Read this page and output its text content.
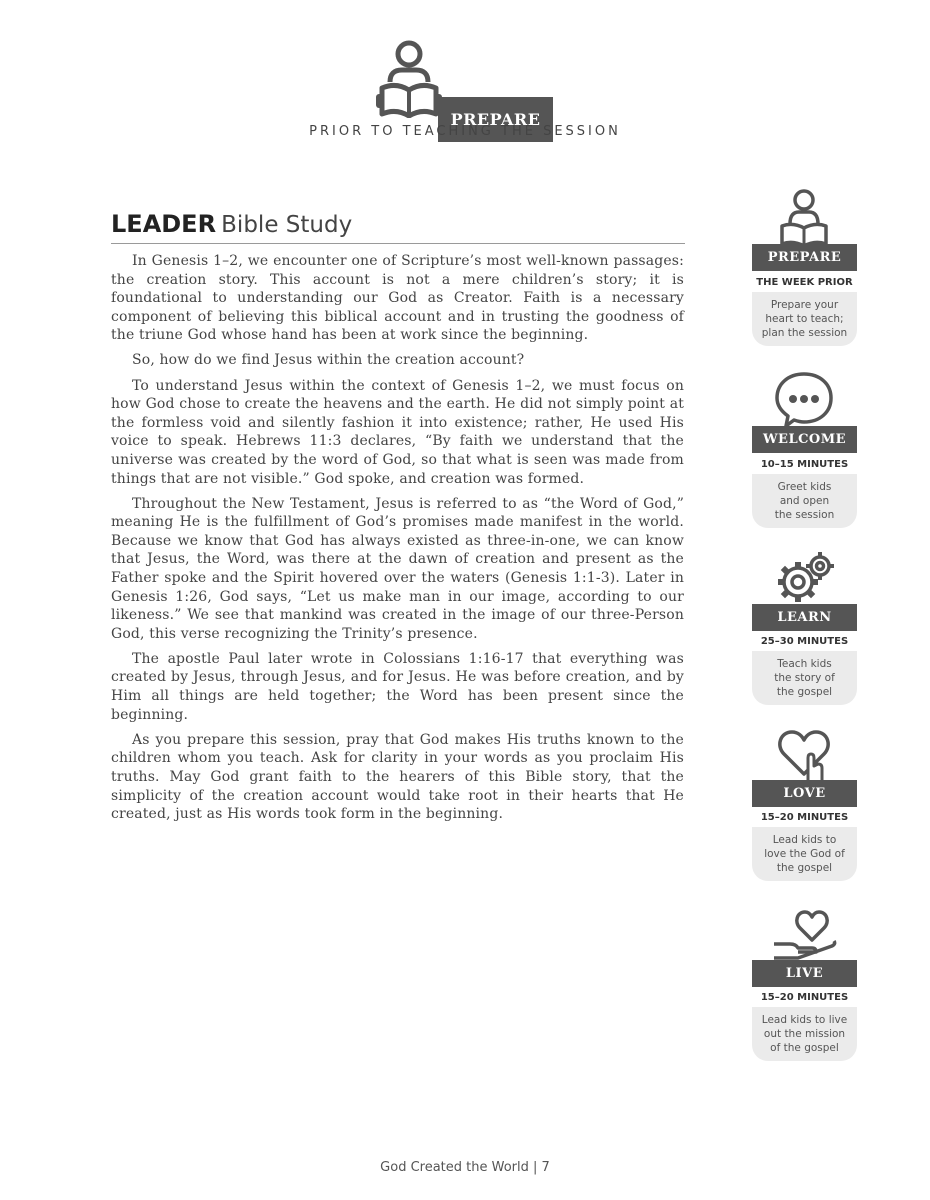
PREPARE
PRIOR TO TEACHING THE SESSION
LEADER Bible Study

In Genesis 1–2, we encounter one of Scripture’s most well-known passages: the creation story. This account is not a mere children’s story; it is foundational to understanding our God as Creator. Faith is a necessary component of believing this biblical account and in trusting the goodness of the triune God whose hand has been at work since the beginning.

So, how do we find Jesus within the creation account?

To understand Jesus within the context of Genesis 1–2, we must focus on how God chose to create the heavens and the earth. He did not simply point at the formless void and silently fashion it into existence; rather, He used His voice to speak. Hebrews 11:3 declares, “By faith we understand that the universe was created by the word of God, so that what is seen was made from things that are not visible.” God spoke, and creation was formed.

Throughout the New Testament, Jesus is referred to as “the Word of God,” meaning He is the fulfillment of God’s promises made manifest in the world. Because we know that God has always existed as three-in-one, we can know that Jesus, the Word, was there at the dawn of creation and present as the Father spoke and the Spirit hovered over the waters (Genesis 1:1-3). Later in Genesis 1:26, God says, “Let us make man in our image, according to our likeness.” We see that mankind was created in the image of our three-Person God, this verse recognizing the Trinity’s presence.

The apostle Paul later wrote in Colossians 1:16-17 that everything was created by Jesus, through Jesus, and for Jesus. He was before creation, and by Him all things are held together; the Word has been present since the beginning.

As you prepare this session, pray that God makes His truths known to the children whom you teach. Ask for clarity in your words as you proclaim His truths. May God grant faith to the hearers of this Bible story, that the simplicity of the creation account would take root in their hearts that He created, just as His words took form in the beginning.

PREPARE
THE WEEK PRIOR
Prepare your
heart to teach;
plan the session
WELCOME
10–15 MINUTES
Greet kids
and open
the session
LEARN
25–30 MINUTES
Teach kids
the story of
the gospel
LOVE
15–20 MINUTES
Lead kids to
love the God of
the gospel
LIVE
15–20 MINUTES
Lead kids to live
out the mission
of the gospel
God Created the World | 7
